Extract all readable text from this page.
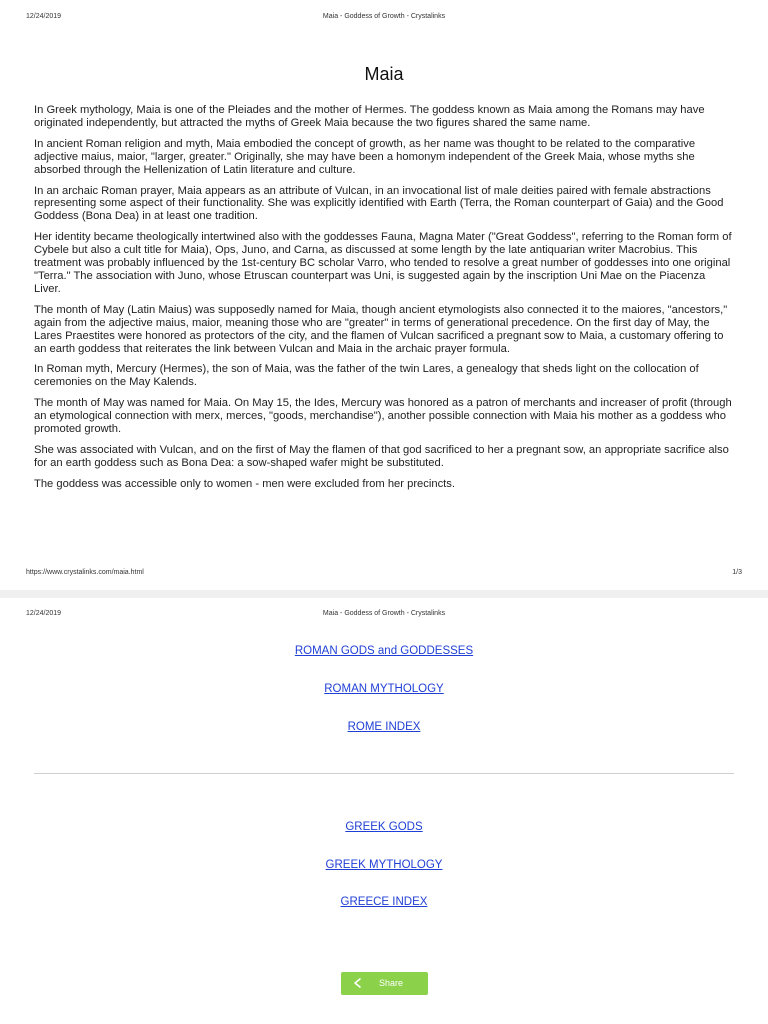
12/24/2019	Maia - Goddess of Growth - Crystalinks
Maia

In Greek mythology, Maia is one of the Pleiades and the mother of Hermes. The goddess known as Maia among the Romans may have originated independently, but attracted the myths of Greek Maia because the two figures shared the same name.

In ancient Roman religion and myth, Maia embodied the concept of growth, as her name was thought to be related to the comparative adjective maius, maior, "larger, greater." Originally, she may have been a homonym independent of the Greek Maia, whose myths she absorbed through the Hellenization of Latin literature and culture.

In an archaic Roman prayer, Maia appears as an attribute of Vulcan, in an invocational list of male deities paired with female abstractions representing some aspect of their functionality. She was explicitly identified with Earth (Terra, the Roman counterpart of Gaia) and the Good Goddess (Bona Dea) in at least one tradition.

Her identity became theologically intertwined also with the goddesses Fauna, Magna Mater ("Great Goddess", referring to the Roman form of Cybele but also a cult title for Maia), Ops, Juno, and Carna, as discussed at some length by the late antiquarian writer Macrobius. This treatment was probably influenced by the 1st-century BC scholar Varro, who tended to resolve a great number of goddesses into one original "Terra." The association with Juno, whose Etruscan counterpart was Uni, is suggested again by the inscription Uni Mae on the Piacenza Liver.

The month of May (Latin Maius) was supposedly named for Maia, though ancient etymologists also connected it to the maiores, "ancestors," again from the adjective maius, maior, meaning those who are "greater" in terms of generational precedence. On the first day of May, the Lares Praestites were honored as protectors of the city, and the flamen of Vulcan sacrificed a pregnant sow to Maia, a customary offering to an earth goddess that reiterates the link between Vulcan and Maia in the archaic prayer formula.

In Roman myth, Mercury (Hermes), the son of Maia, was the father of the twin Lares, a genealogy that sheds light on the collocation of ceremonies on the May Kalends.

The month of May was named for Maia. On May 15, the Ides, Mercury was honored as a patron of merchants and increaser of profit (through an etymological connection with merx, merces, "goods, merchandise"), another possible connection with Maia his mother as a goddess who promoted growth.

She was associated with Vulcan, and on the first of May the flamen of that god sacrificed to her a pregnant sow, an appropriate sacrifice also for an earth goddess such as Bona Dea: a sow-shaped wafer might be substituted.

The goddess was accessible only to women - men were excluded from her precincts.

https://www.crystalinks.com/maia.html	1/3
12/24/2019	Maia - Goddess of Growth - Crystalinks
ROMAN GODS and GODDESSES
ROMAN MYTHOLOGY
ROME INDEX
GREEK GODS
GREEK MYTHOLOGY
GREECE INDEX
Share
